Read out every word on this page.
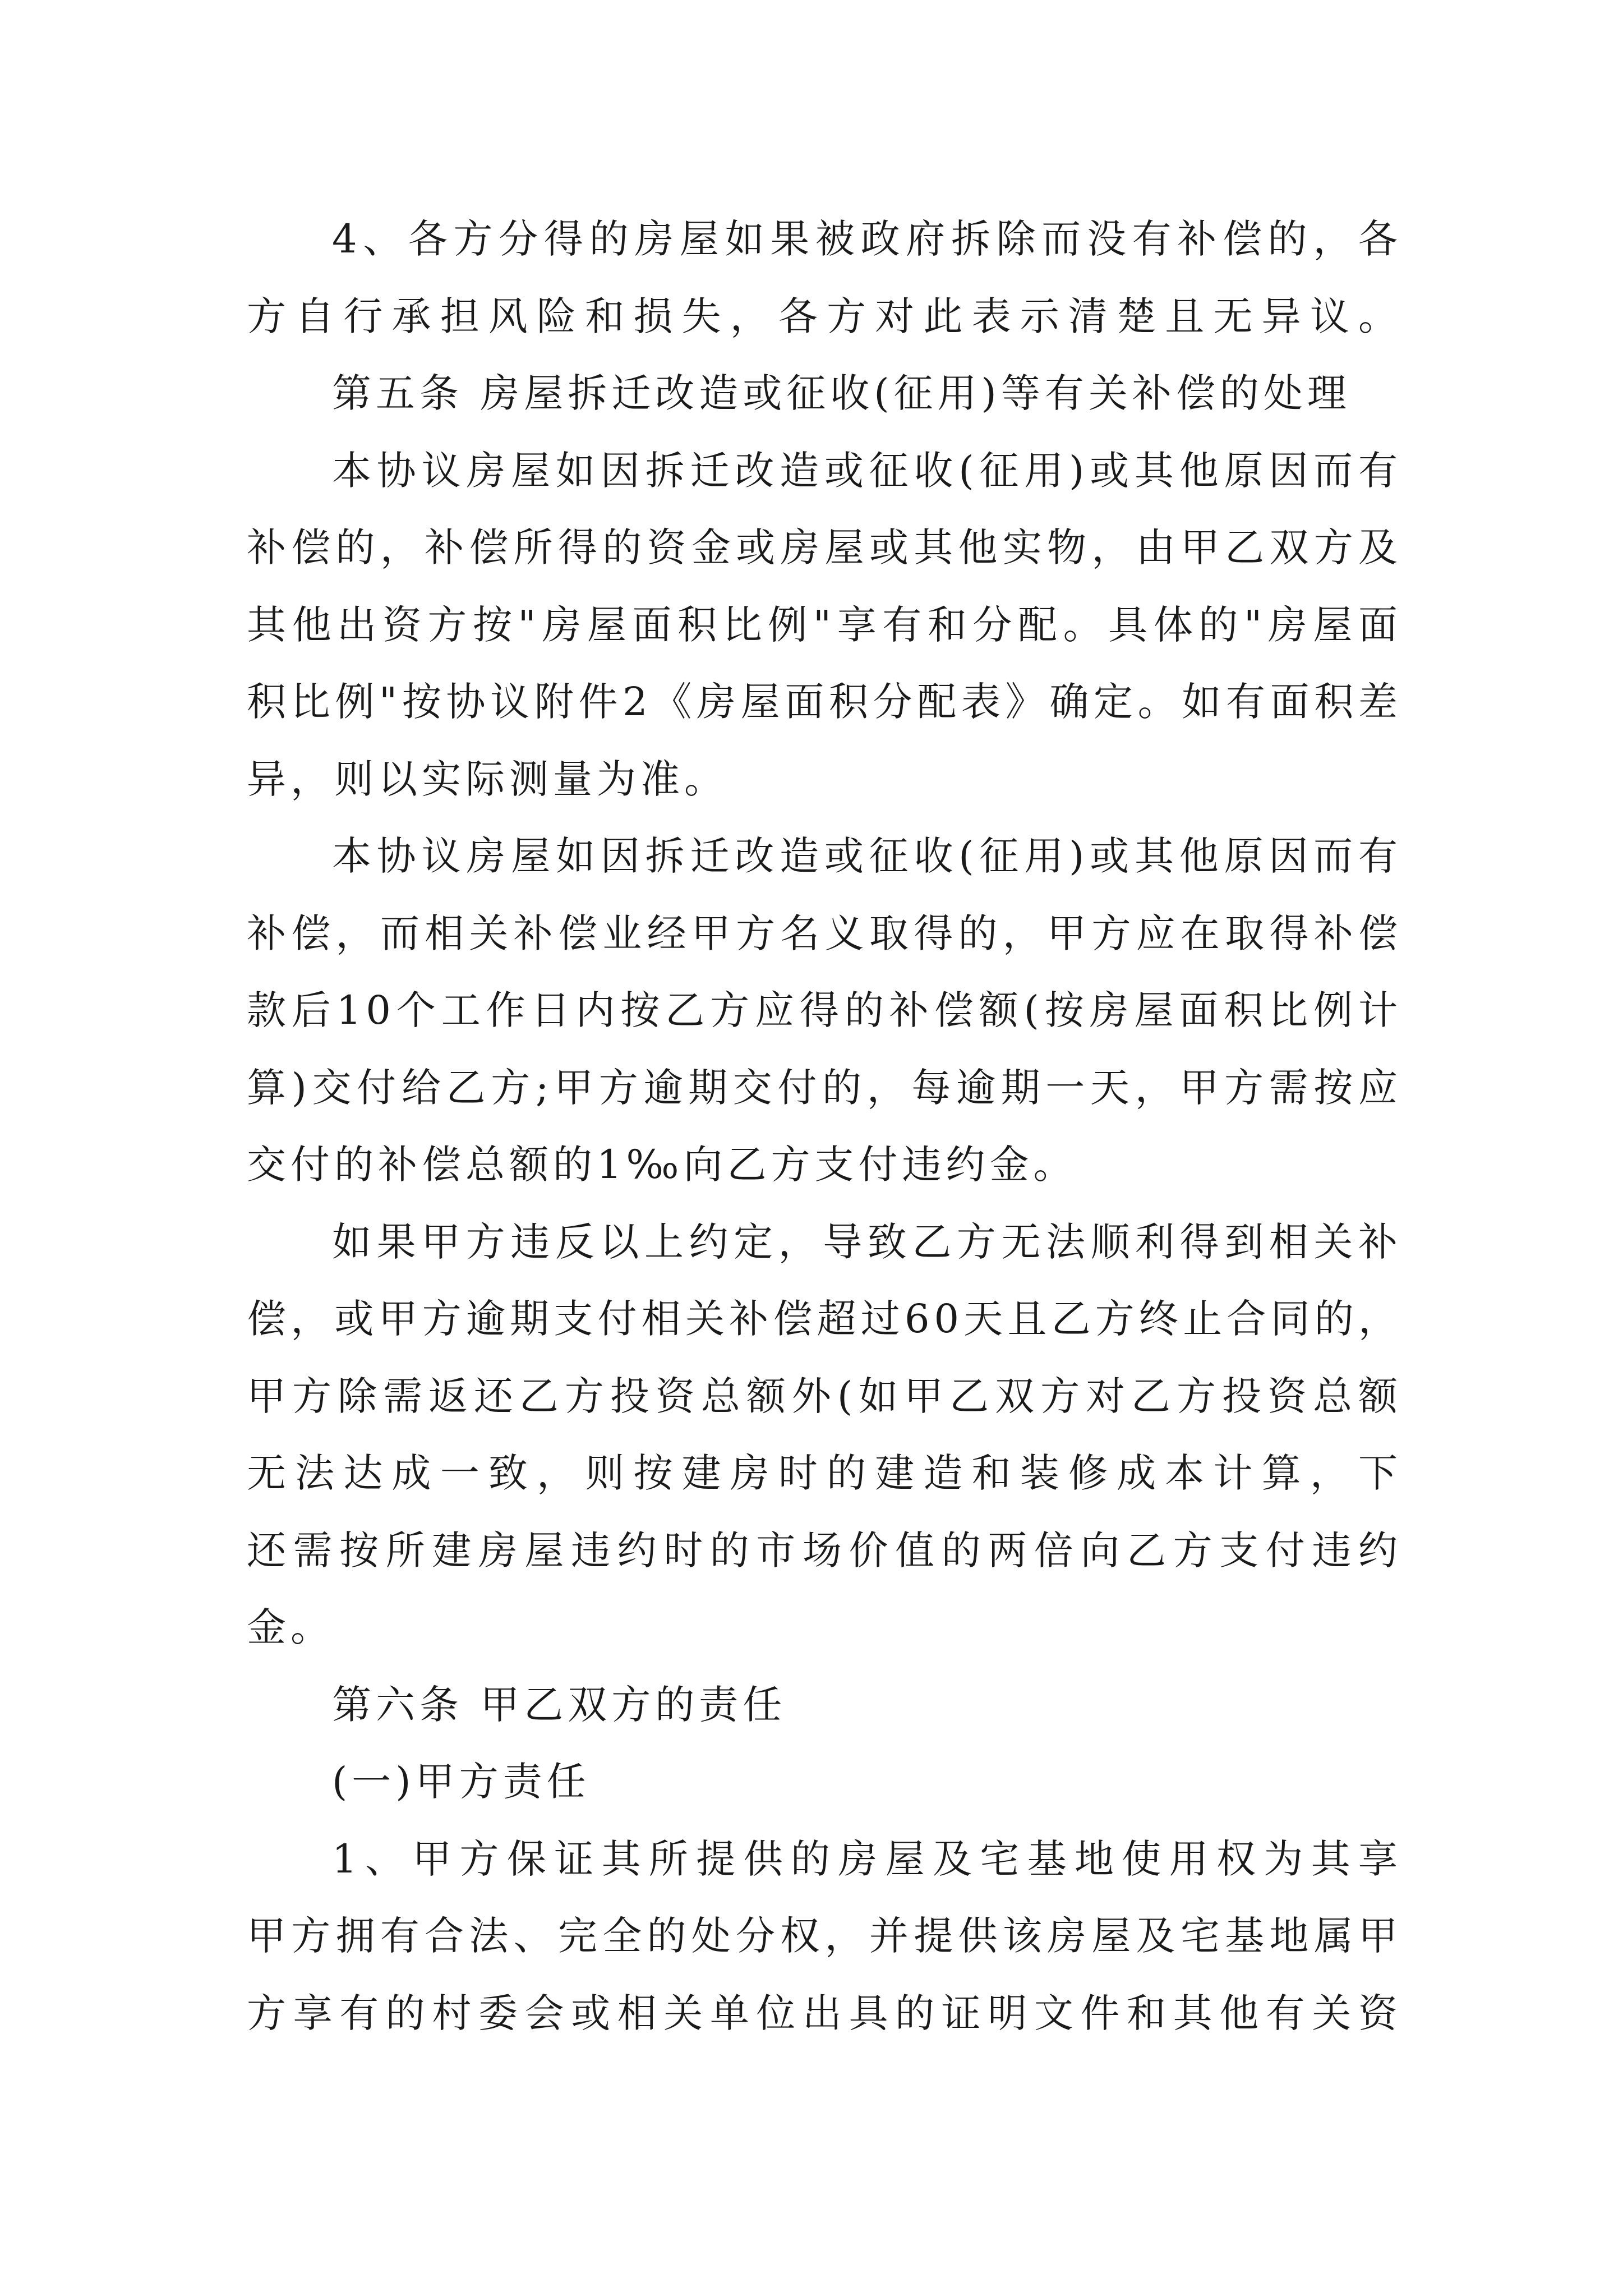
4、各方分得的房屋如果被政府拆除而没有补偿的，各
方自行承担风险和损失，各方对此表示清楚且无异议。
第五条 房屋拆迁改造或征收(征用)等有关补偿的处理
本协议房屋如因拆迁改造或征收(征用)或其他原因而有
补偿的，补偿所得的资金或房屋或其他实物，由甲乙双方及
其他出资方按"房屋面积比例"享有和分配。具体的"房屋面
积比例"按协议附件2《房屋面积分配表》确定。如有面积差
异，则以实际测量为准。
本协议房屋如因拆迁改造或征收(征用)或其他原因而有
补偿，而相关补偿业经甲方名义取得的，甲方应在取得补偿
款后10个工作日内按乙方应得的补偿额(按房屋面积比例计
算)交付给乙方;甲方逾期交付的，每逾期一天，甲方需按应
交付的补偿总额的1‰向乙方支付违约金。
如果甲方违反以上约定，导致乙方无法顺利得到相关补
偿，或甲方逾期支付相关补偿超过60天且乙方终止合同的，
甲方除需返还乙方投资总额外(如甲乙双方对乙方投资总额
无法达成一致，则按建房时的建造和装修成本计算，下
还需按所建房屋违约时的市场价值的两倍向乙方支付违约
金。
第六条 甲乙双方的责任
(一)甲方责任
1、甲方保证其所提供的房屋及宅基地使用权为其享
甲方拥有合法、完全的处分权，并提供该房屋及宅基地属甲
方享有的村委会或相关单位出具的证明文件和其他有关资
